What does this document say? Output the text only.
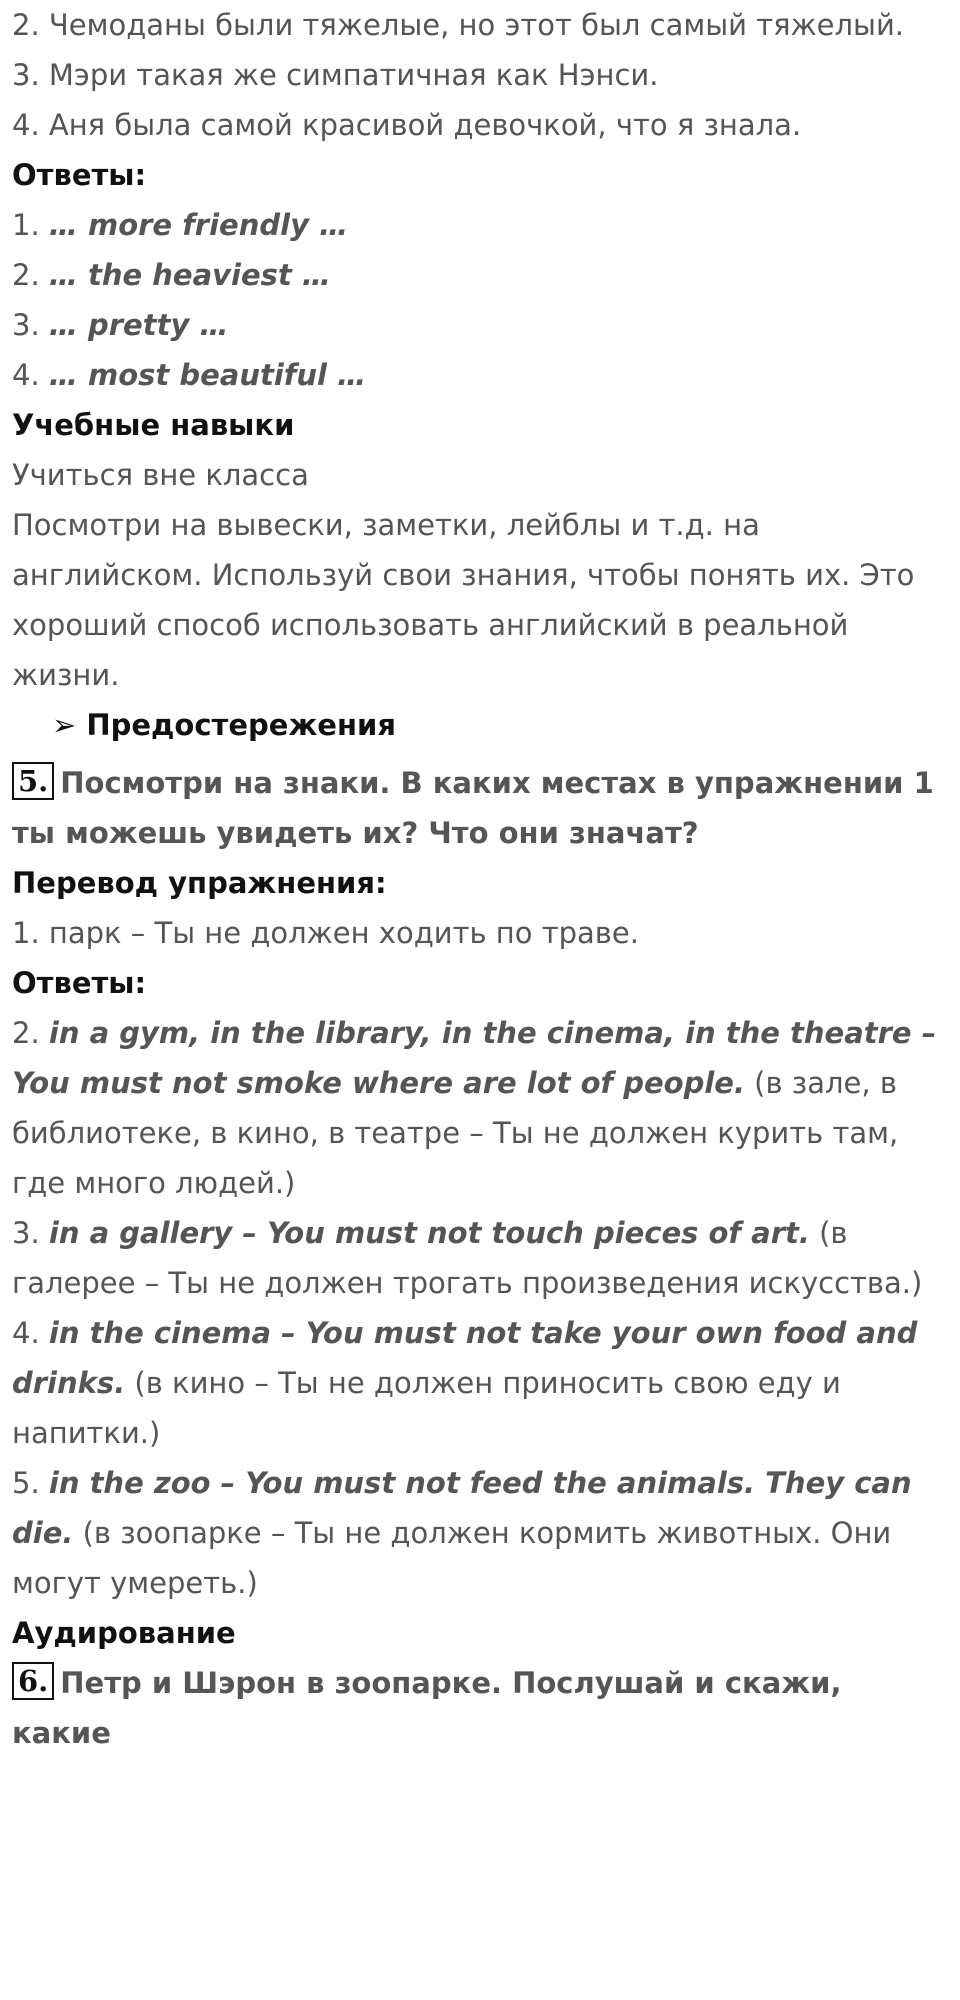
2. Чемоданы были тяжелые, но этот был самый тяжелый.

3. Мэри такая же симпатичная как Нэнси.

4. Аня была самой красивой девочкой, что я знала.

Ответы:

1. … more friendly …

2. … the heaviest …

3. … pretty …

4. … most beautiful …

Учебные навыки

Учиться вне класса

Посмотри на вывески, заметки, лейблы и т.д. на английском. Используй свои знания, чтобы понять их. Это хороший способ использовать английский в реальной жизни.

➢ Предостережения

5. Посмотри на знаки. В каких местах в упражнении 1 ты можешь увидеть их? Что они значат?

Перевод упражнения:

1. парк – Ты не должен ходить по траве.

Ответы:

2. in a gym, in the library, in the cinema, in the theatre – You must not smoke where are lot of people. (в зале, в библиотеке, в кино, в театре – Ты не должен курить там, где много людей.)

3. in a gallery – You must not touch pieces of art. (в галерее – Ты не должен трогать произведения искусства.)

4. in the cinema – You must not take your own food and drinks. (в кино – Ты не должен приносить свою еду и напитки.)

5. in the zoo – You must not feed the animals. They can die. (в зоопарке – Ты не должен кормить животных. Они могут умереть.)

Аудирование

6. Петр и Шэрон в зоопарке. Послушай и скажи, какие
